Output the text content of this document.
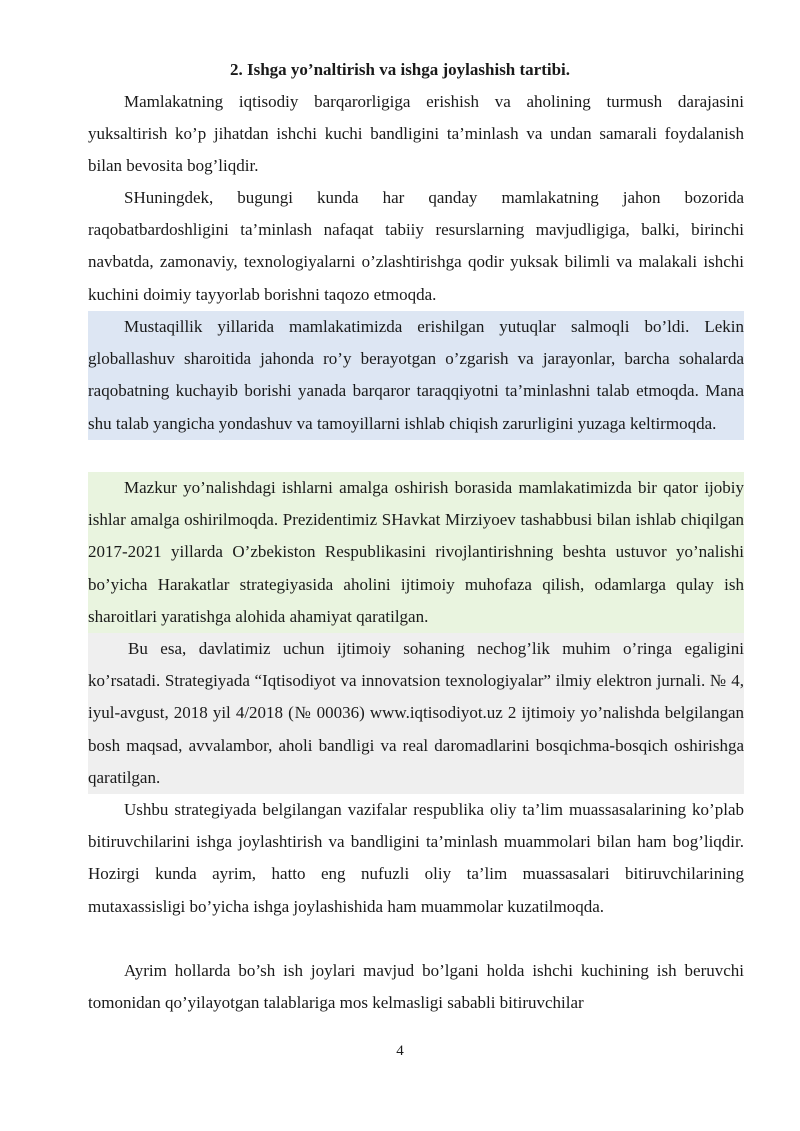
2. Ishga yo’naltirish va ishga joylashish tartibi.

Mamlakatning iqtisodiy barqarorligiga erishish va aholining turmush darajasini yuksaltirish ko’p jihatdan ishchi kuchi bandligini ta’minlash va undan samarali foydalanish bilan bevosita bog’liqdir.

SHuningdek, bugungi kunda har qanday mamlakatning jahon bozorida raqobatbardoshligini ta’minlash nafaqat tabiiy resurslarning mavjudligiga, balki, birinchi navbatda, zamonaviy, texnologiyalarni o’zlashtirishga qodir yuksak bilimli va malakali ishchi kuchini doimiy tayyorlab borishni taqozo etmoqda.

Mustaqillik yillarida mamlakatimizda erishilgan yutuqlar salmoqli bo’ldi. Lekin globallashuv sharoitida jahonda ro’y berayotgan o’zgarish va jarayonlar, barcha sohalarda raqobatning kuchayib borishi yanada barqaror taraqqiyotni ta’minlashni talab etmoqda. Mana shu talab yangicha yondashuv va tamoyillarni ishlab chiqish zarurligini yuzaga keltirmoqda.

Mazkur yo’nalishdagi ishlarni amalga oshirish borasida mamlakatimizda bir qator ijobiy ishlar amalga oshirilmoqda. Prezidentimiz SHavkat Mirziyoev tashabbusi bilan ishlab chiqilgan 2017-2021 yillarda O’zbekiston Respublikasini rivojlantirishning beshta ustuvor yo’nalishi bo’yicha Harakatlar strategiyasida aholini ijtimoiy muhofaza qilish, odamlarga qulay ish sharoitlari yaratishga alohida ahamiyat qaratilgan.

Bu esa, davlatimiz uchun ijtimoiy sohaning nechog’lik muhim o’ringa egaligini ko’rsatadi. Strategiyada “Iqtisodiyot va innovatsion texnologiyalar” ilmiy elektron jurnali. № 4, iyul-avgust, 2018 yil 4/2018 (№ 00036) www.iqtisodiyot.uz 2 ijtimoiy yo’nalishda belgilangan bosh maqsad, avvalambor, aholi bandligi va real daromadlarini bosqichma-bosqich oshirishga qaratilgan.

Ushbu strategiyada belgilangan vazifalar respublika oliy ta’lim muassasalarining ko’plab bitiruvchilarini ishga joylashtirish va bandligini ta’minlash muammolari bilan ham bog’liqdir. Hozirgi kunda ayrim, hatto eng nufuzli oliy ta’lim muassasalari bitiruvchilarining mutaxassisligi bo’yicha ishga joylashishida ham muammolar kuzatilmoqda.

Ayrim hollarda bo’sh ish joylari mavjud bo’lgani holda ishchi kuchining ish beruvchi tomonidan qo’yilayotgan talablariga mos kelmasligi sababli bitiruvchilar

4
